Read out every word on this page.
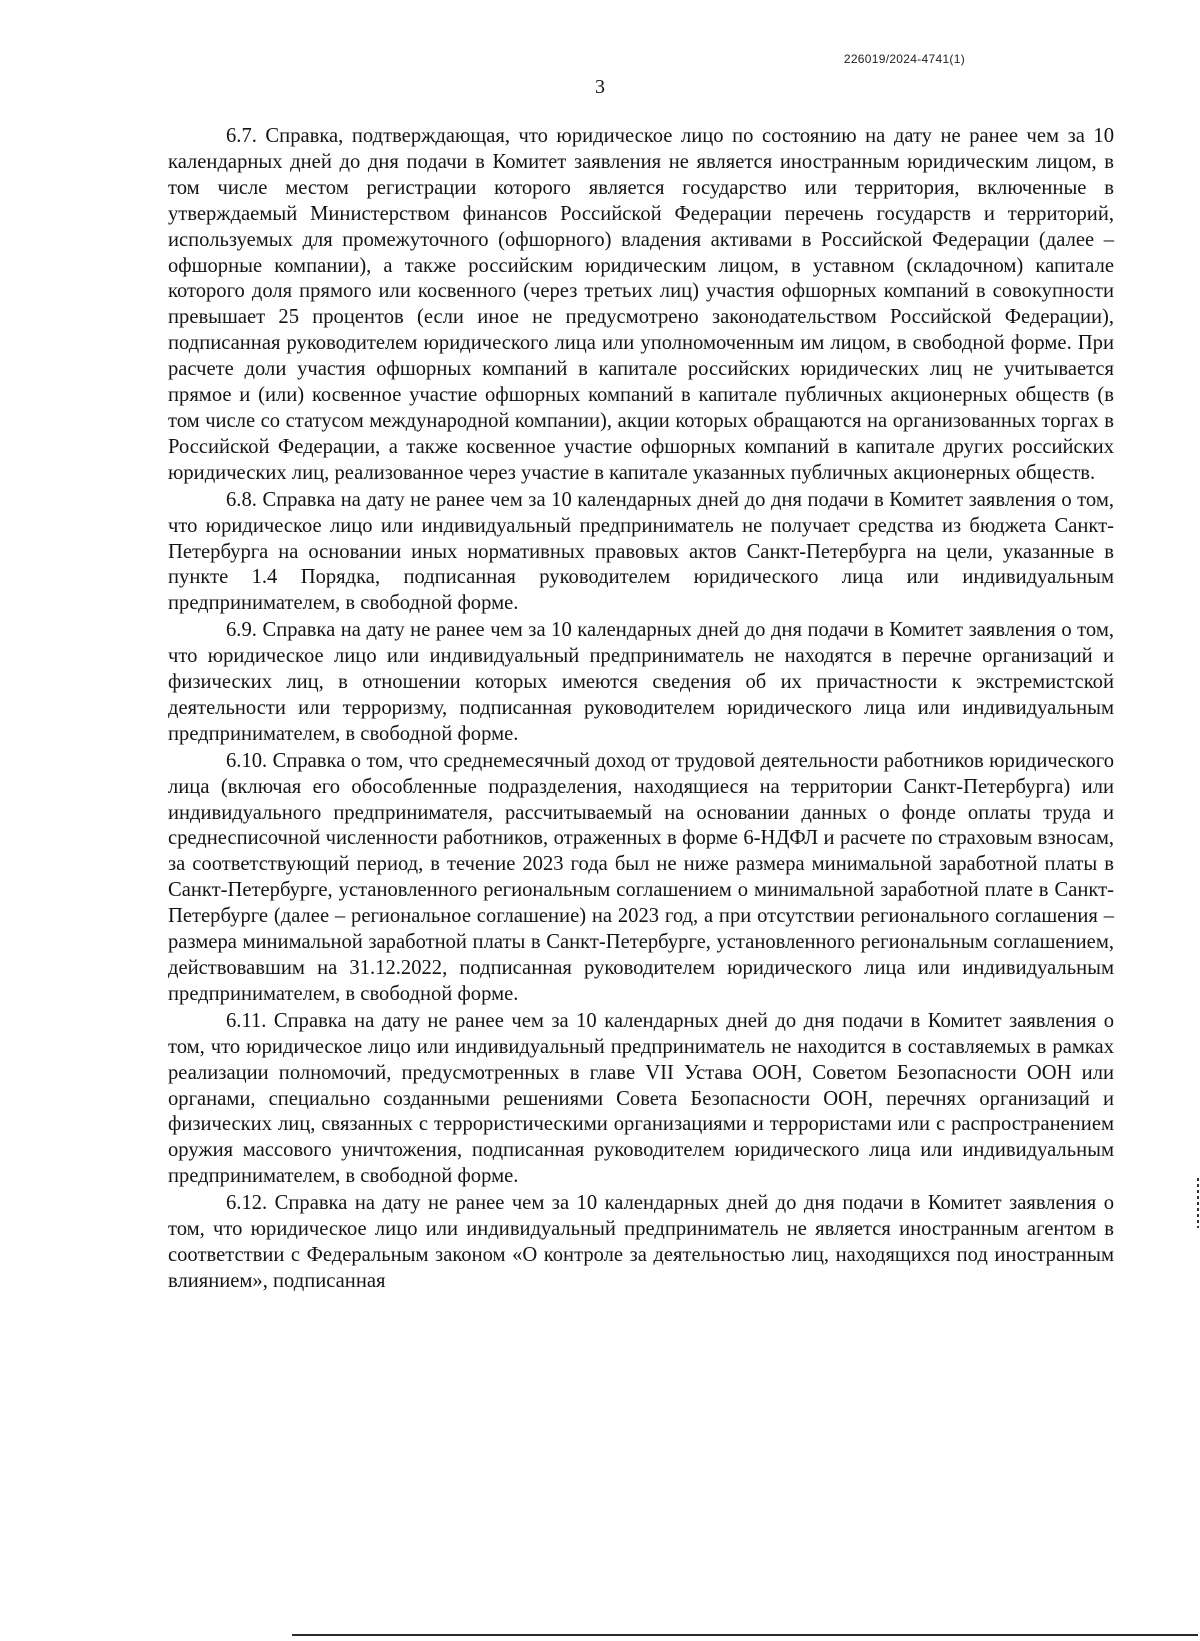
226019/2024-4741(1)
3

6.7. Справка, подтверждающая, что юридическое лицо по состоянию на дату не ранее чем за 10 календарных дней до дня подачи в Комитет заявления не является иностранным юридическим лицом, в том числе местом регистрации которого является государство или территория, включенные в утверждаемый Министерством финансов Российской Федерации перечень государств и территорий, используемых для промежуточного (офшорного) владения активами в Российской Федерации (далее – офшорные компании), а также российским юридическим лицом, в уставном (складочном) капитале которого доля прямого или косвенного (через третьих лиц) участия офшорных компаний в совокупности превышает 25 процентов (если иное не предусмотрено законодательством Российской Федерации), подписанная руководителем юридического лица или уполномоченным им лицом, в свободной форме. При расчете доли участия офшорных компаний в капитале российских юридических лиц не учитывается прямое и (или) косвенное участие офшорных компаний в капитале публичных акционерных обществ (в том числе со статусом международной компании), акции которых обращаются на организованных торгах в Российской Федерации, а также косвенное участие офшорных компаний в капитале других российских юридических лиц, реализованное через участие в капитале указанных публичных акционерных обществ.

6.8. Справка на дату не ранее чем за 10 календарных дней до дня подачи в Комитет заявления о том, что юридическое лицо или индивидуальный предприниматель не получает средства из бюджета Санкт-Петербурга на основании иных нормативных правовых актов Санкт-Петербурга на цели, указанные в пункте 1.4 Порядка, подписанная руководителем юридического лица или индивидуальным предпринимателем, в свободной форме.

6.9. Справка на дату не ранее чем за 10 календарных дней до дня подачи в Комитет заявления о том, что юридическое лицо или индивидуальный предприниматель не находятся в перечне организаций и физических лиц, в отношении которых имеются сведения об их причастности к экстремистской деятельности или терроризму, подписанная руководителем юридического лица или индивидуальным предпринимателем, в свободной форме.

6.10. Справка о том, что среднемесячный доход от трудовой деятельности работников юридического лица (включая его обособленные подразделения, находящиеся на территории Санкт-Петербурга) или индивидуального предпринимателя, рассчитываемый на основании данных о фонде оплаты труда и среднесписочной численности работников, отраженных в форме 6-НДФЛ и расчете по страховым взносам, за соответствующий период, в течение 2023 года был не ниже размера минимальной заработной платы в Санкт-Петербурге, установленного региональным соглашением о минимальной заработной плате в Санкт-Петербурге (далее – региональное соглашение) на 2023 год, а при отсутствии регионального соглашения – размера минимальной заработной платы в Санкт-Петербурге, установленного региональным соглашением, действовавшим на 31.12.2022, подписанная руководителем юридического лица или индивидуальным предпринимателем, в свободной форме.

6.11. Справка на дату не ранее чем за 10 календарных дней до дня подачи в Комитет заявления о том, что юридическое лицо или индивидуальный предприниматель не находится в составляемых в рамках реализации полномочий, предусмотренных в главе VII Устава ООН, Советом Безопасности ООН или органами, специально созданными решениями Совета Безопасности ООН, перечнях организаций и физических лиц, связанных с террористическими организациями и террористами или с распространением оружия массового уничтожения, подписанная руководителем юридического лица или индивидуальным предпринимателем, в свободной форме.

6.12. Справка на дату не ранее чем за 10 календарных дней до дня подачи в Комитет заявления о том, что юридическое лицо или индивидуальный предприниматель не является иностранным агентом в соответствии с Федеральным законом «О контроле за деятельностью лиц, находящихся под иностранным влиянием», подписанная
